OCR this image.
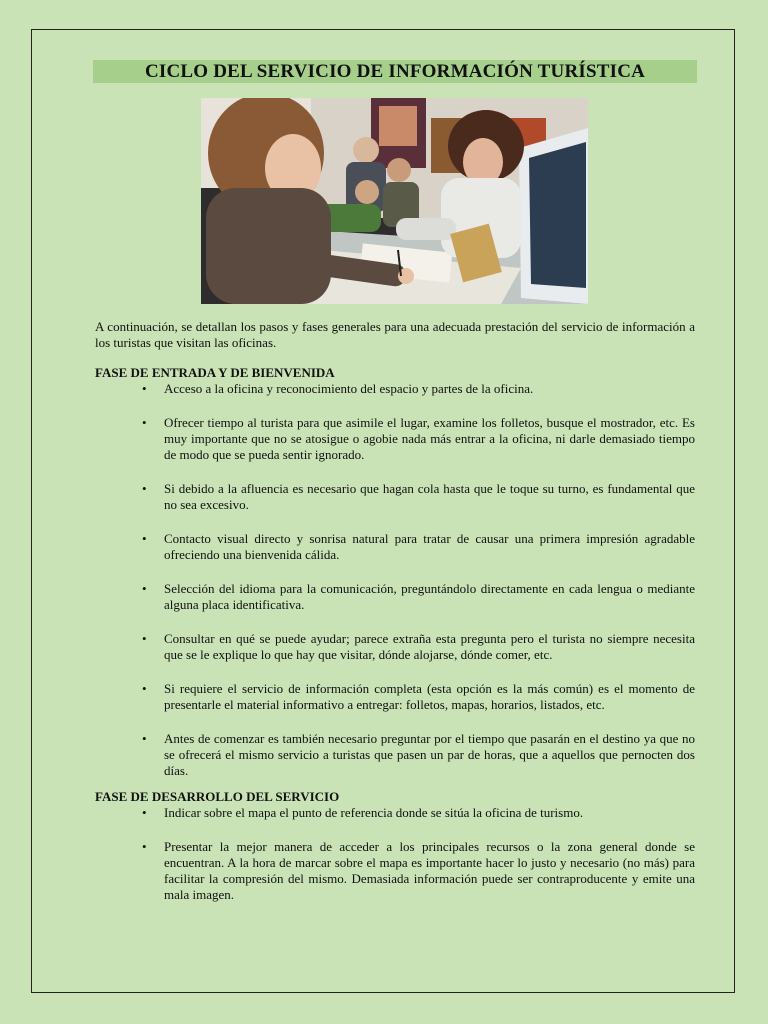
CICLO DEL SERVICIO DE INFORMACIÓN TURÍSTICA

A continuación, se detallan los pasos y fases generales para una adecuada prestación del servicio de información a los turistas que visitan las oficinas.

FASE DE ENTRADA Y DE BIENVENIDA

• Acceso a la oficina y reconocimiento del espacio y partes de la oficina.
• Ofrecer tiempo al turista para que asimile el lugar, examine los folletos, busque el mostrador, etc. Es muy importante que no se atosigue o agobie nada más entrar a la oficina, ni darle demasiado tiempo de modo que se pueda sentir ignorado.
• Si debido a la afluencia es necesario que hagan cola hasta que le toque su turno, es fundamental que no sea excesivo.
• Contacto visual directo y sonrisa natural para tratar de causar una primera impresión agradable ofreciendo una bienvenida cálida.
• Selección del idioma para la comunicación, preguntándolo directamente en cada lengua o mediante alguna placa identificativa.
• Consultar en qué se puede ayudar; parece extraña esta pregunta pero el turista no siempre necesita que se le explique lo que hay que visitar, dónde alojarse, dónde comer, etc.
• Si requiere el servicio de información completa (esta opción es la más común) es el momento de presentarle el material informativo a entregar: folletos, mapas, horarios, listados, etc.
• Antes de comenzar es también necesario preguntar por el tiempo que pasarán en el destino ya que no se ofrecerá el mismo servicio a turistas que pasen un par de horas, que a aquellos que pernocten dos días.

FASE DE DESARROLLO DEL SERVICIO

• Indicar sobre el mapa el punto de referencia donde se sitúa la oficina de turismo.
• Presentar la mejor manera de acceder a los principales recursos o la zona general donde se encuentran. A la hora de marcar sobre el mapa es importante hacer lo justo y necesario (no más) para facilitar la compresión del mismo. Demasiada información puede ser contraproducente y emite una mala imagen.
